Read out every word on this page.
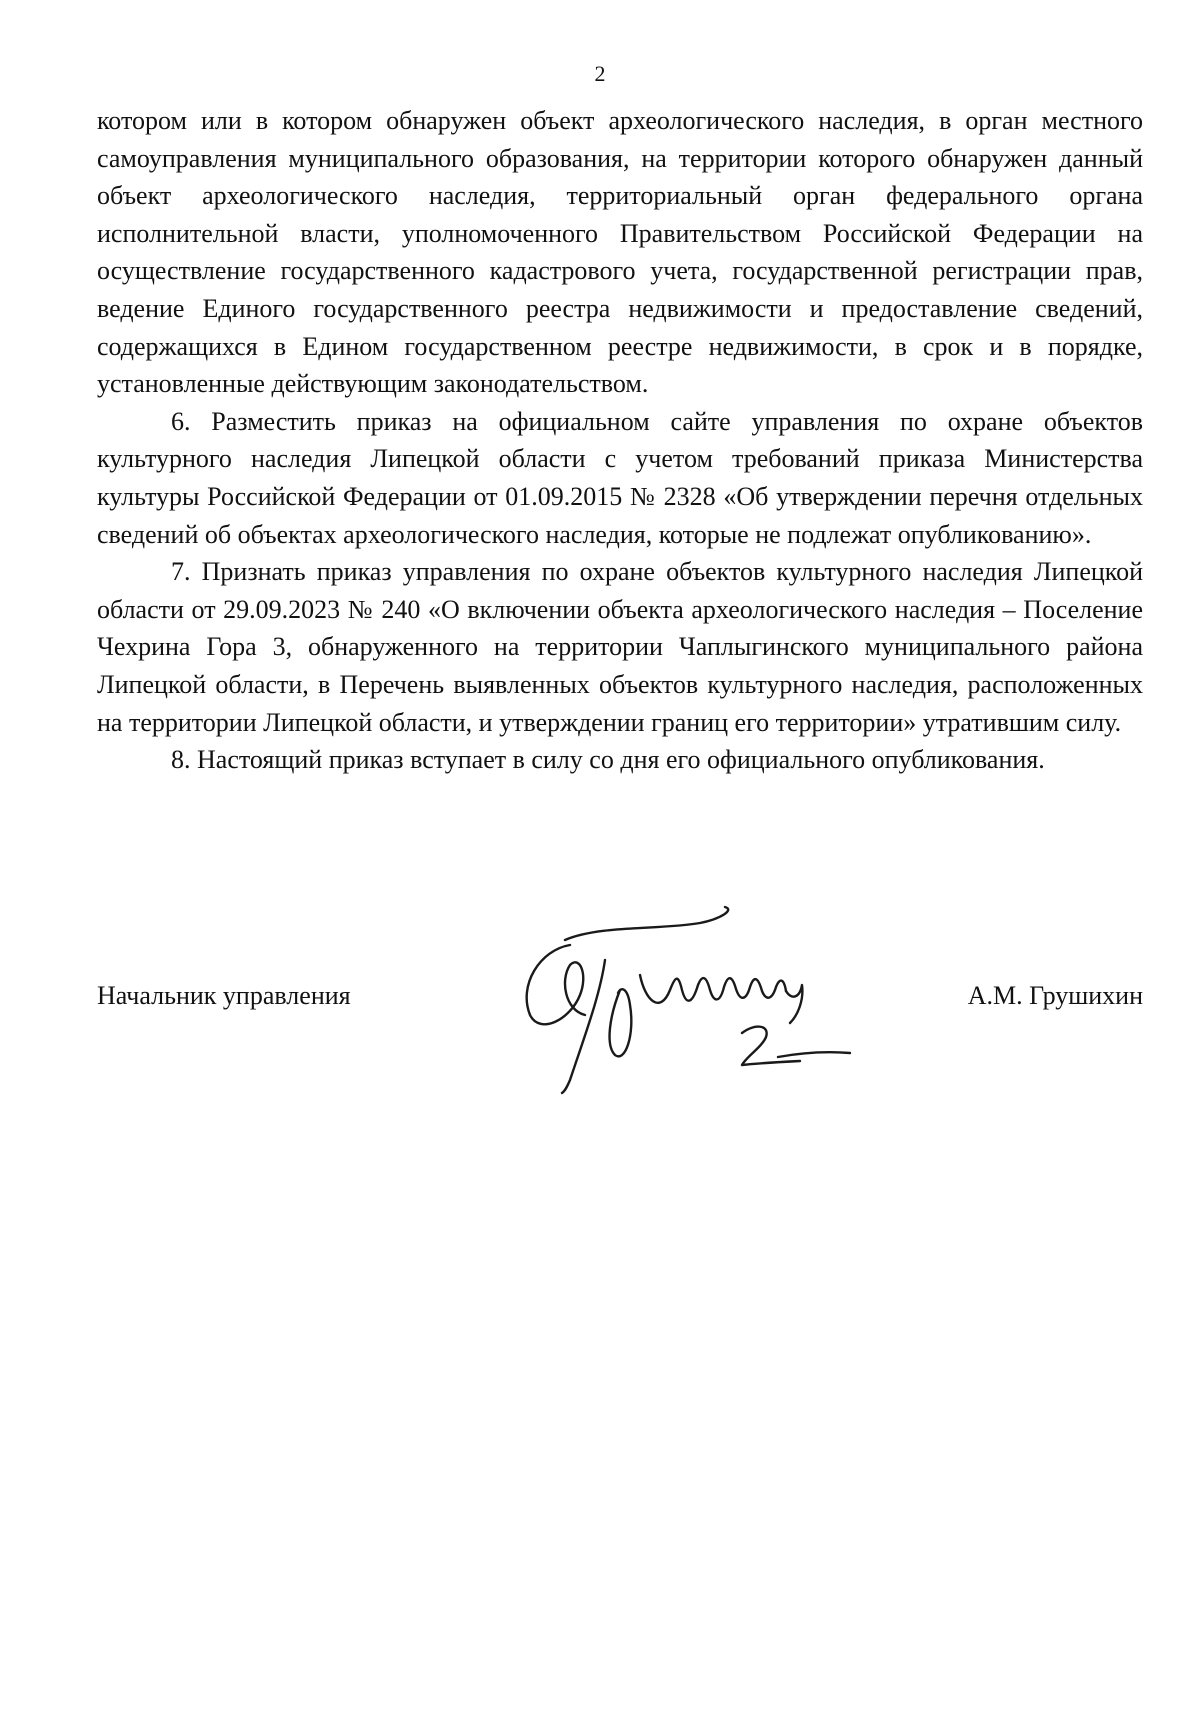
2

котором или в котором обнаружен объект археологического наследия, в орган местного самоуправления муниципального образования, на территории которого обнаружен данный объект археологического наследия, территориальный орган федерального органа исполнительной власти, уполномоченного Правительством Российской Федерации на осуществление государственного кадастрового учета, государственной регистрации прав, ведение Единого государственного реестра недвижимости и предоставление сведений, содержащихся в Едином государственном реестре недвижимости, в срок и в порядке, установленные действующим законодательством.

6. Разместить приказ на официальном сайте управления по охране объектов культурного наследия Липецкой области с учетом требований приказа Министерства культуры Российской Федерации от 01.09.2015 № 2328 «Об утверждении перечня отдельных сведений об объектах археологического наследия, которые не подлежат опубликованию».

7. Признать приказ управления по охране объектов культурного наследия Липецкой области от 29.09.2023 № 240 «О включении объекта археологического наследия – Поселение Чехрина Гора 3, обнаруженного на территории Чаплыгинского муниципального района Липецкой области, в Перечень выявленных объектов культурного наследия, расположенных на территории Липецкой области, и утверждении границ его территории» утратившим силу.

8. Настоящий приказ вступает в силу со дня его официального опубликования.

Начальник управления	А.М. Грушихин
